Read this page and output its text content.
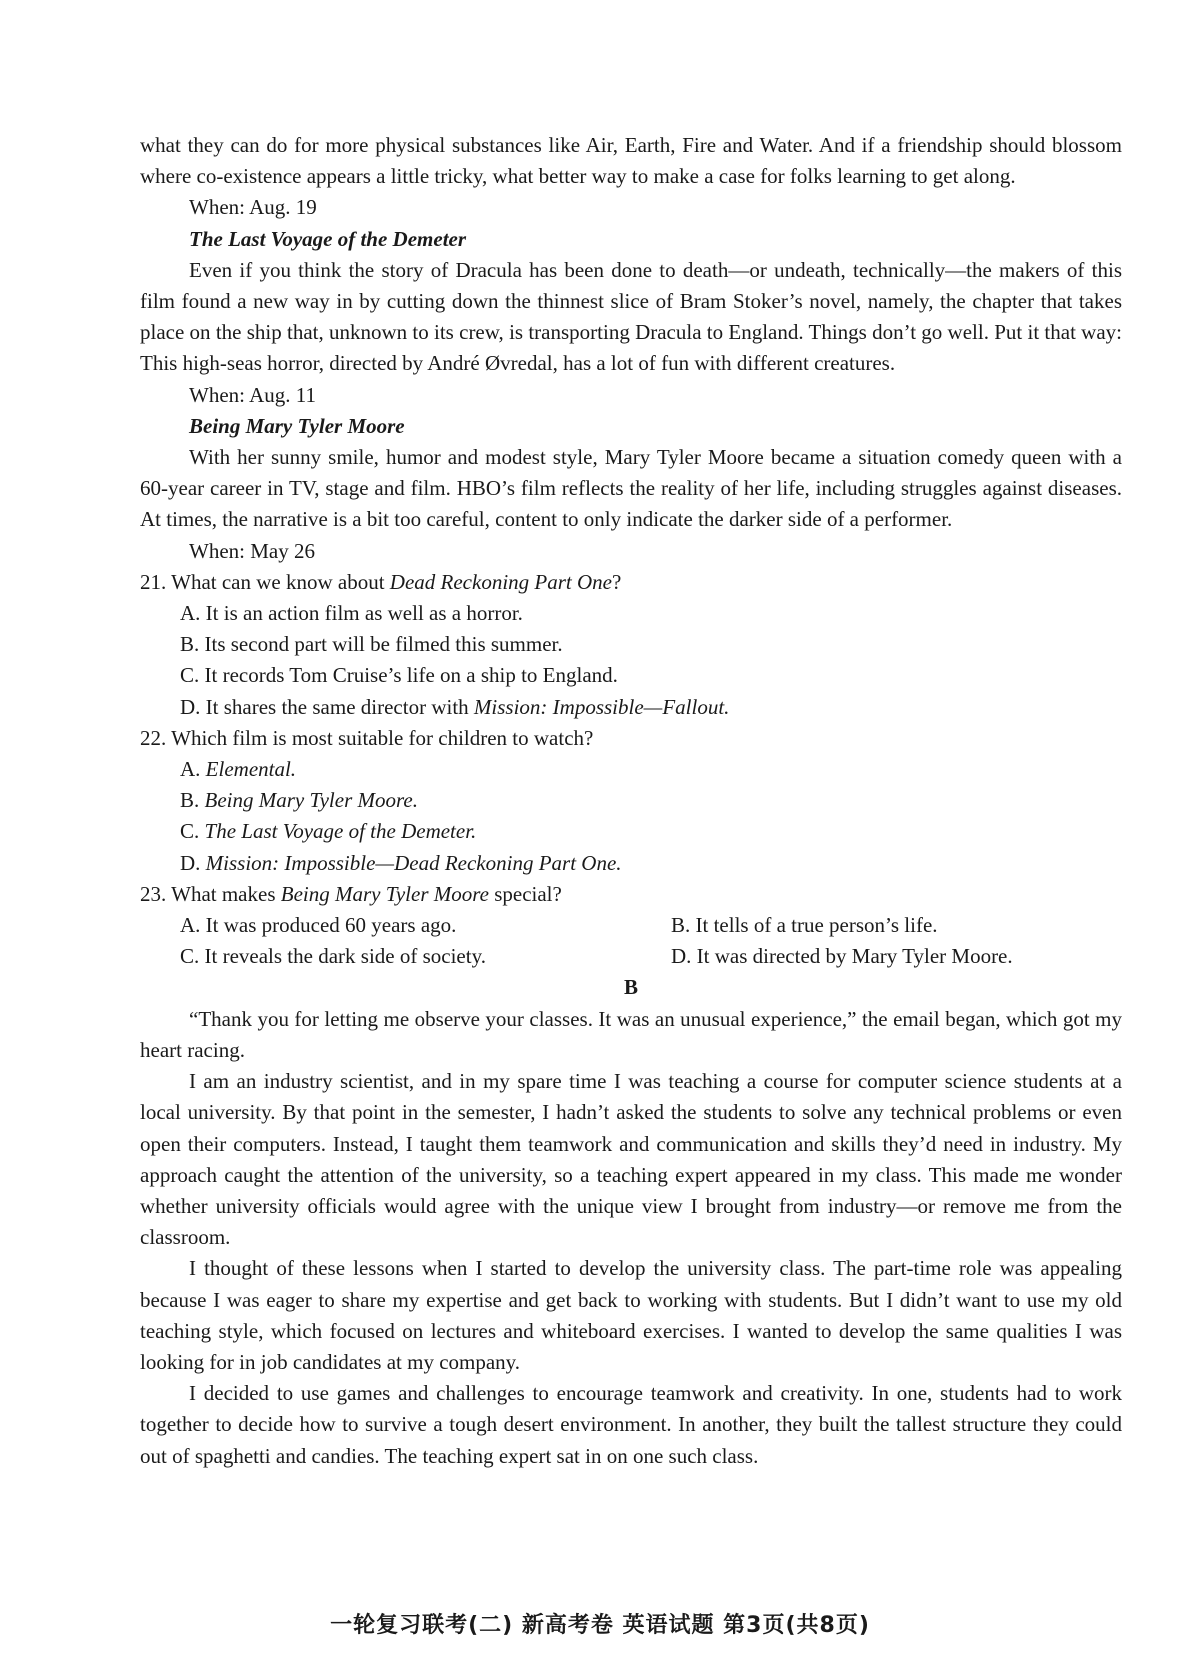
what they can do for more physical substances like Air, Earth, Fire and Water. And if a friendship should blossom where co-existence appears a little tricky, what better way to make a case for folks learning to get along.

When: Aug. 19

The Last Voyage of the Demeter

Even if you think the story of Dracula has been done to death—or undeath, technically—the makers of this film found a new way in by cutting down the thinnest slice of Bram Stoker’s novel, namely, the chapter that takes place on the ship that, unknown to its crew, is transporting Dracula to England. Things don’t go well. Put it that way: This high-seas horror, directed by André Øvredal, has a lot of fun with different creatures.

When: Aug. 11

Being Mary Tyler Moore

With her sunny smile, humor and modest style, Mary Tyler Moore became a situation comedy queen with a 60-year career in TV, stage and film. HBO’s film reflects the reality of her life, including struggles against diseases. At times, the narrative is a bit too careful, content to only indicate the darker side of a performer.

When: May 26

21. What can we know about Dead Reckoning Part One?

A. It is an action film as well as a horror.

B. Its second part will be filmed this summer.

C. It records Tom Cruise’s life on a ship to England.

D. It shares the same director with Mission: Impossible—Fallout.

22. Which film is most suitable for children to watch?

A. Elemental.

B. Being Mary Tyler Moore.

C. The Last Voyage of the Demeter.

D. Mission: Impossible—Dead Reckoning Part One.

23. What makes Being Mary Tyler Moore special?

A. It was produced 60 years ago.	B. It tells of a true person’s life.

C. It reveals the dark side of society.	D. It was directed by Mary Tyler Moore.

B

“Thank you for letting me observe your classes. It was an unusual experience,” the email began, which got my heart racing.

I am an industry scientist, and in my spare time I was teaching a course for computer science students at a local university. By that point in the semester, I hadn’t asked the students to solve any technical problems or even open their computers. Instead, I taught them teamwork and communication and skills they’d need in industry. My approach caught the attention of the university, so a teaching expert appeared in my class. This made me wonder whether university officials would agree with the unique view I brought from industry—or remove me from the classroom.

I thought of these lessons when I started to develop the university class. The part-time role was appealing because I was eager to share my expertise and get back to working with students. But I didn’t want to use my old teaching style, which focused on lectures and whiteboard exercises. I wanted to develop the same qualities I was looking for in job candidates at my company.

I decided to use games and challenges to encourage teamwork and creativity. In one, students had to work together to decide how to survive a tough desert environment. In another, they built the tallest structure they could out of spaghetti and candies. The teaching expert sat in on one such class.

一轮复习联考(二) 新高考卷 英语试题 第3页(共8页)
